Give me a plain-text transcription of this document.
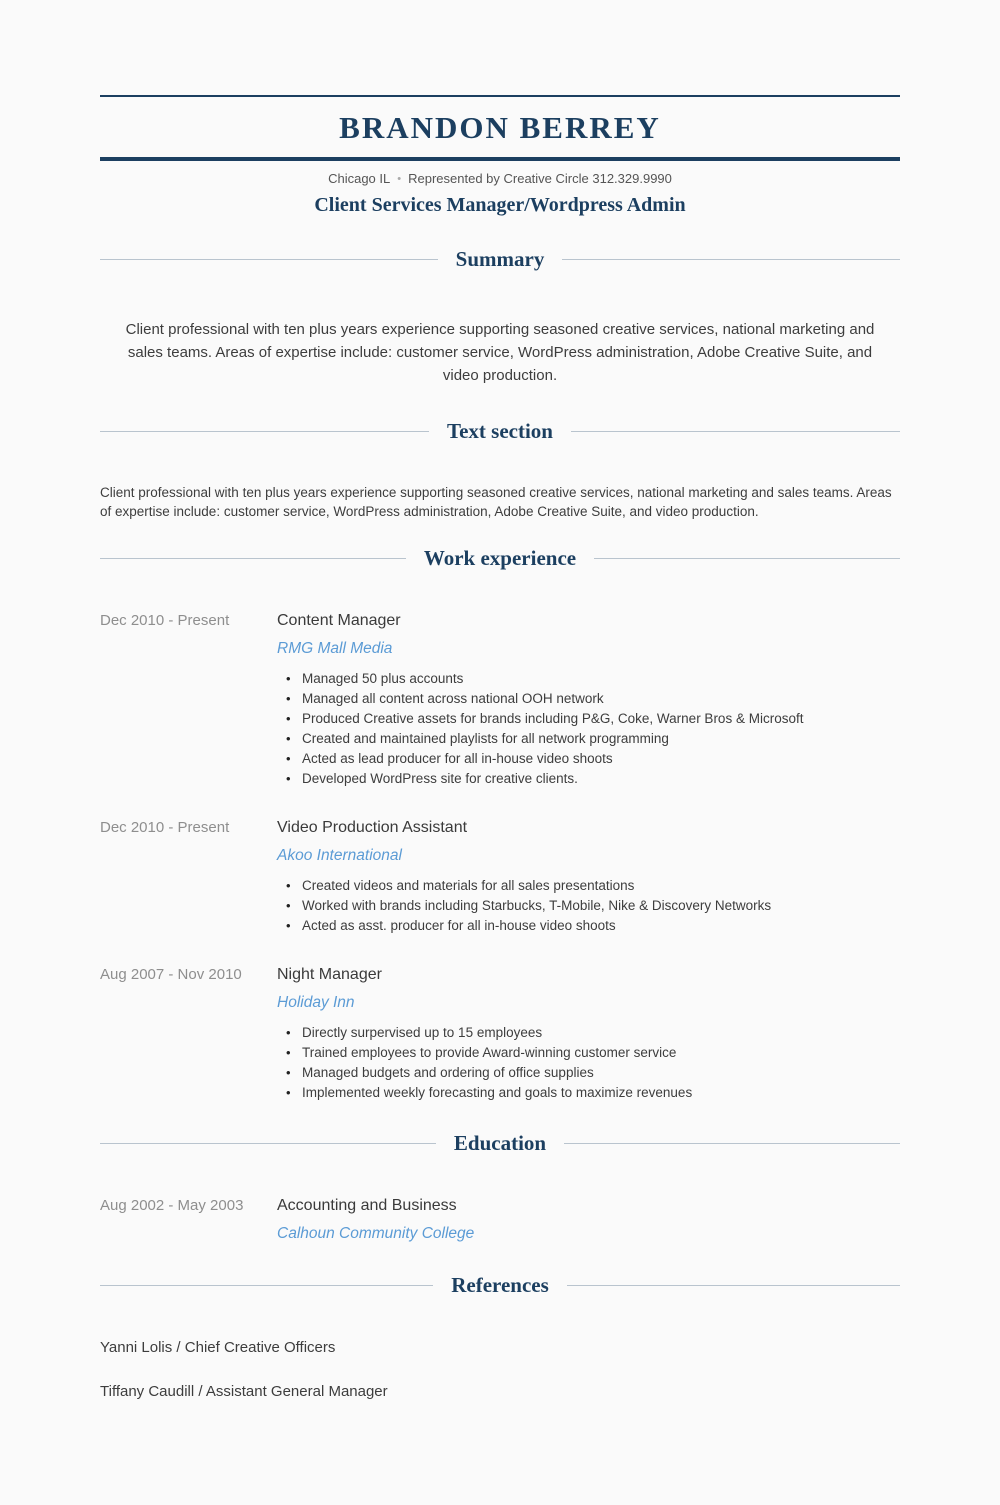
BRANDON BERREY
Chicago IL • Represented by Creative Circle 312.329.9990
Client Services Manager/Wordpress Admin
Summary

Client professional with ten plus years experience supporting seasoned creative services, national marketing and sales teams. Areas of expertise include: customer service, WordPress administration, Adobe Creative Suite, and video production.

Text section

Client professional with ten plus years experience supporting seasoned creative services, national marketing and sales teams. Areas of expertise include: customer service, WordPress administration, Adobe Creative Suite, and video production.

Work experience
Dec 2010 - Present	Content Manager
RMG Mall Media
• Managed 50 plus accounts
• Managed all content across national OOH network
• Produced Creative assets for brands including P&G, Coke, Warner Bros & Microsoft
• Created and maintained playlists for all network programming
• Acted as lead producer for all in-house video shoots
• Developed WordPress site for creative clients.
Dec 2010 - Present	Video Production Assistant
Akoo International
• Created videos and materials for all sales presentations
• Worked with brands including Starbucks, T-Mobile, Nike & Discovery Networks
• Acted as asst. producer for all in-house video shoots
Aug 2007 - Nov 2010	Night Manager
Holiday Inn
• Directly surpervised up to 15 employees
• Trained employees to provide Award-winning customer service
• Managed budgets and ordering of office supplies
• Implemented weekly forecasting and goals to maximize revenues
Education
Aug 2002 - May 2003	Accounting and Business
Calhoun Community College
References

Yanni Lolis / Chief Creative Officers

Tiffany Caudill / Assistant General Manager
